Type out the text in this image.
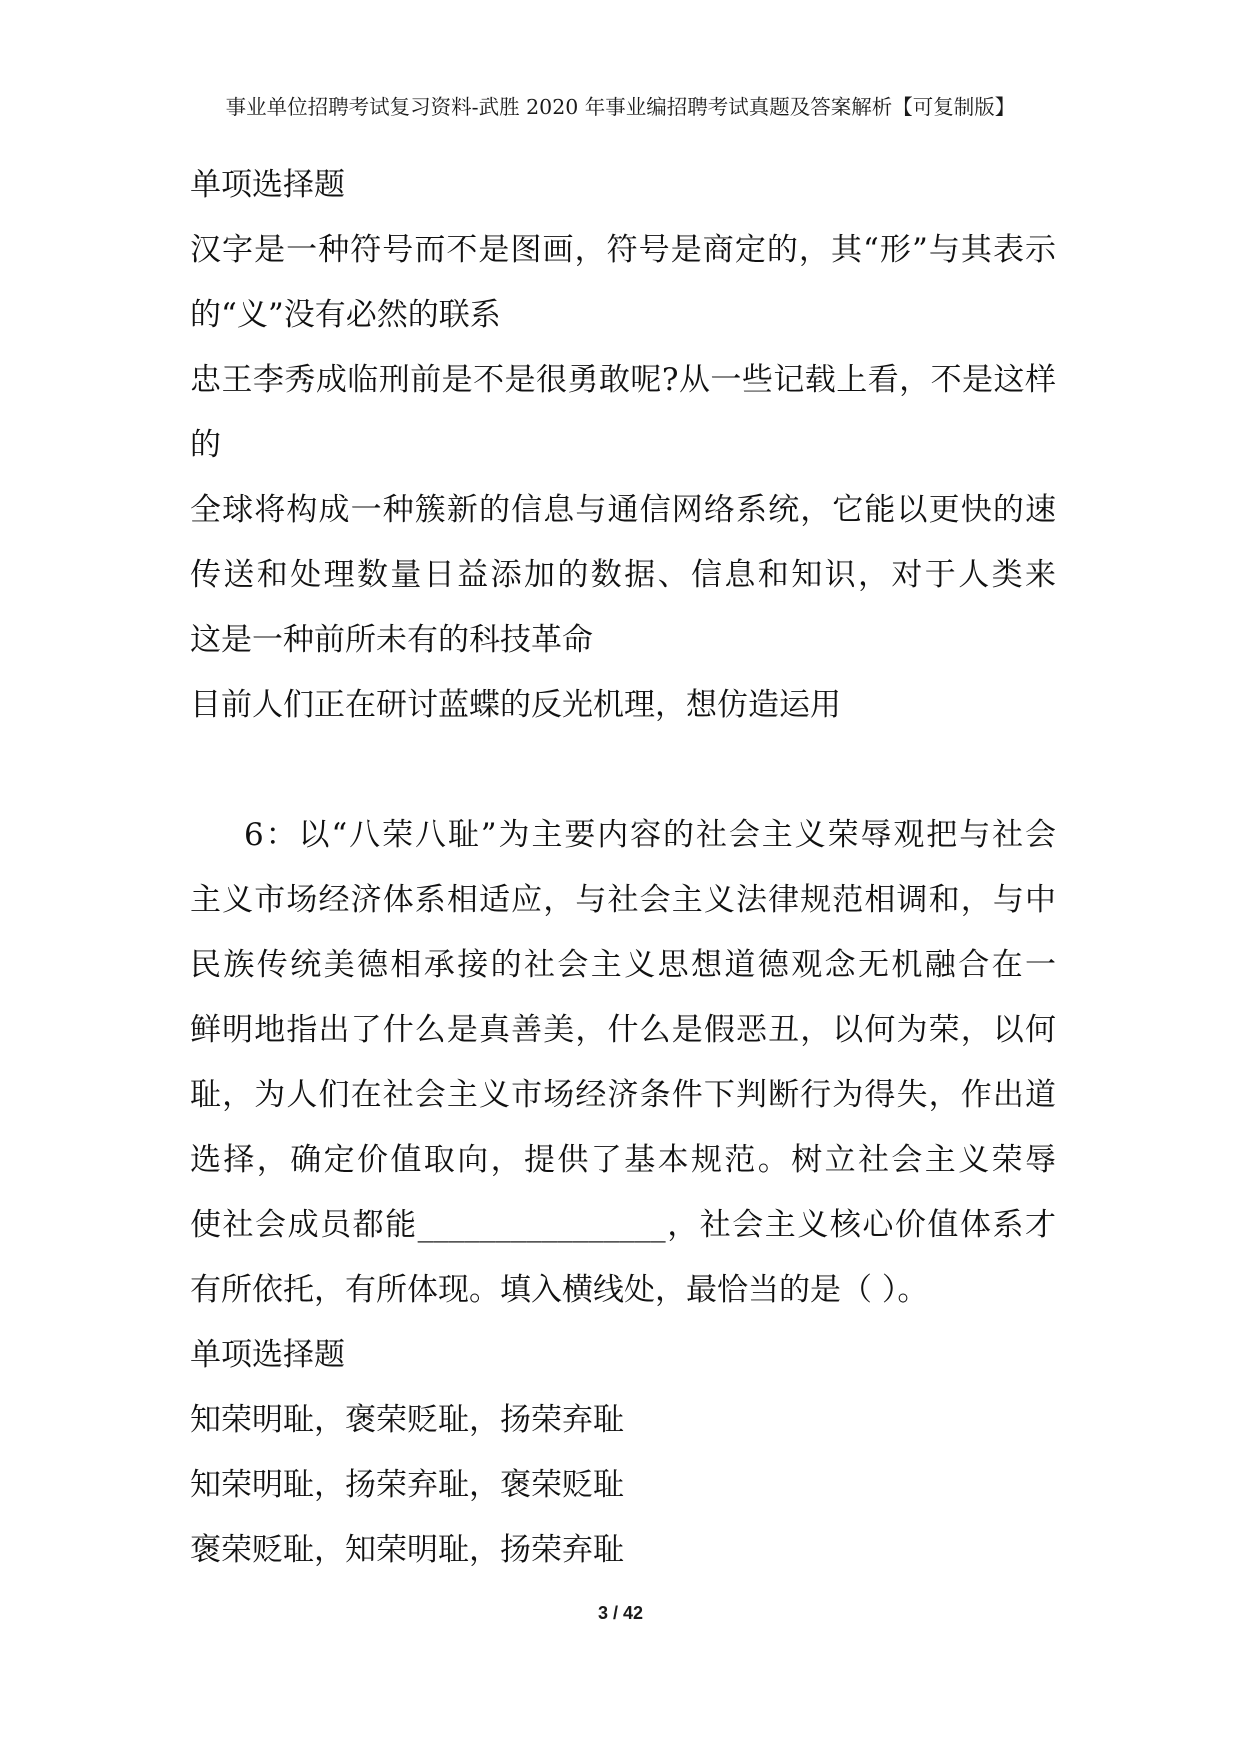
事业单位招聘考试复习资料-武胜 2020 年事业编招聘考试真题及答案解析【可复制版】
单项选择题
汉字是一种符号而不是图画，符号是商定的，其“形”与其表示
的“义”没有必然的联系
忠王李秀成临刑前是不是很勇敢呢?从一些记载上看，不是这样
的
全球将构成一种簇新的信息与通信网络系统，它能以更快的速
传送和处理数量日益添加的数据、信息和知识，对于人类来
这是一种前所未有的科技革命
目前人们正在研讨蓝蝶的反光机理，想仿造运用
6：以“八荣八耻”为主要内容的社会主义荣辱观把与社会
主义市场经济体系相适应，与社会主义法律规范相调和，与中
民族传统美德相承接的社会主义思想道德观念无机融合在一
鲜明地指出了什么是真善美，什么是假恶丑，以何为荣，以何
耻，为人们在社会主义市场经济条件下判断行为得失，作出道
选择，确定价值取向，提供了基本规范。树立社会主义荣辱
使社会成员都能________________，社会主义核心价值体系才
有所依托，有所体现。填入横线处，最恰当的是（ ）。
单项选择题
知荣明耻，褒荣贬耻，扬荣弃耻
知荣明耻，扬荣弃耻，褒荣贬耻
褒荣贬耻，知荣明耻，扬荣弃耻
3 / 42
